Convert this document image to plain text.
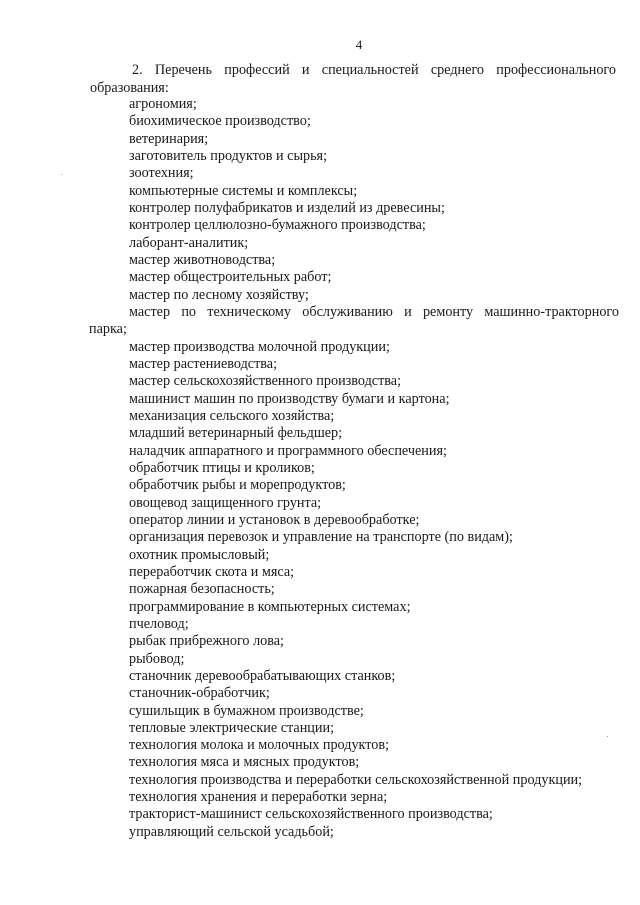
4
2. Перечень профессий и специальностей среднего профессионального
образования:
агрономия;
биохимическое производство;
ветеринария;
заготовитель продуктов и сырья;
зоотехния;
компьютерные системы и комплексы;
контролер полуфабрикатов и изделий из древесины;
контролер целлюлозно-бумажного производства;
лаборант-аналитик;
мастер животноводства;
мастер общестроительных работ;
мастер по лесному хозяйству;
мастер по техническому обслуживанию и ремонту машинно-тракторного
парка;
мастер производства молочной продукции;
мастер растениеводства;
мастер сельскохозяйственного производства;
машинист машин по производству бумаги и картона;
механизация сельского хозяйства;
младший ветеринарный фельдшер;
наладчик аппаратного и программного обеспечения;
обработчик птицы и кроликов;
обработчик рыбы и морепродуктов;
овощевод защищенного грунта;
оператор линии и установок в деревообработке;
организация перевозок и управление на транспорте (по видам);
охотник промысловый;
переработчик скота и мяса;
пожарная безопасность;
программирование в компьютерных системах;
пчеловод;
рыбак прибрежного лова;
рыбовод;
станочник деревообрабатывающих станков;
станочник-обработчик;
сушильщик в бумажном производстве;
тепловые электрические станции;
технология молока и молочных продуктов;
технология мяса и мясных продуктов;
технология производства и переработки сельскохозяйственной продукции;
технология хранения и переработки зерна;
тракторист-машинист сельскохозяйственного производства;
управляющий сельской усадьбой;
